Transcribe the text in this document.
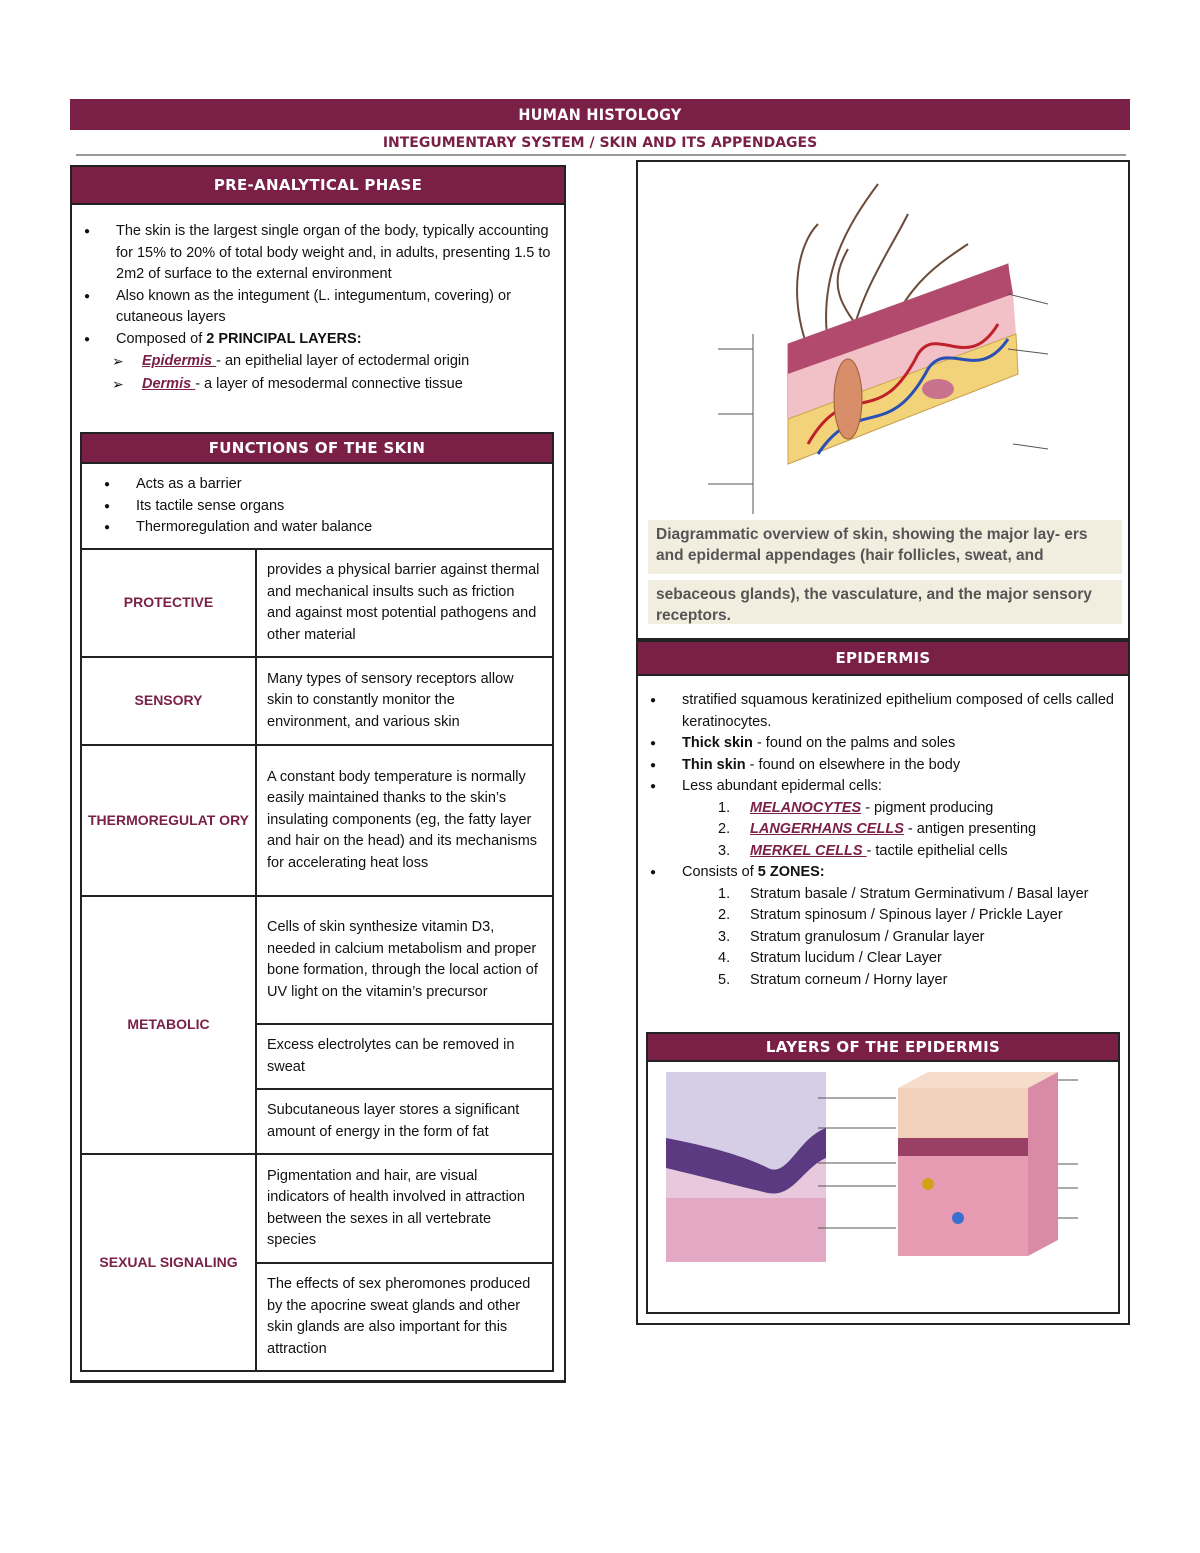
HUMAN HISTOLOGY
INTEGUMENTARY SYSTEM / SKIN AND ITS APPENDAGES
PRE-ANALYTICAL PHASE
● The skin is the largest single organ of the body, typically accounting for 15% to 20% of total body weight and, in adults, presenting 1.5 to 2m2 of surface to the external environment
● Also known as the integument (L. integumentum, covering) or cutaneous layers
● Composed of 2 PRINCIPAL LAYERS:
➢ Epidermis - an epithelial layer of ectodermal origin
➢ Dermis - a layer of mesodermal connective tissue
FUNCTIONS OF THE SKIN
● Acts as a barrier
● Its tactile sense organs
● Thermoregulation and water balance
PROTECTIVE	provides a physical barrier against thermal and mechanical insults such as friction and against most potential pathogens and other material
SENSORY	Many types of sensory receptors allow skin to constantly monitor the environment, and various skin
THERMOREGULAT ORY	A constant body temperature is normally easily maintained thanks to the skin’s insulating components (eg, the fatty layer and hair on the head) and its mechanisms for accelerating heat loss
METABOLIC	Cells of skin synthesize vitamin D3, needed in calcium metabolism and proper bone formation, through the local action of UV light on the vitamin’s precursor
	Excess electrolytes can be removed in sweat
	Subcutaneous layer stores a significant amount of energy in the form of fat
SEXUAL SIGNALING	Pigmentation and hair, are visual indicators of health involved in attraction between the sexes in all vertebrate species
	The effects of sex pheromones produced by the apocrine sweat glands and other skin glands are also important for this attraction
Diagrammatic overview of skin, showing the major lay- ers and epidermal appendages (hair follicles, sweat, and
sebaceous glands), the vasculature, and the major sensory receptors.
EPIDERMIS
● stratified squamous keratinized epithelium composed of cells called keratinocytes.
● Thick skin - found on the palms and soles
● Thin skin - found on elsewhere in the body
● Less abundant epidermal cells:
1. MELANOCYTES - pigment producing
2. LANGERHANS CELLS - antigen presenting
3. MERKEL CELLS - tactile epithelial cells
● Consists of 5 ZONES:
1. Stratum basale / Stratum Germinativum / Basal layer
2. Stratum spinosum / Spinous layer / Prickle Layer
3. Stratum granulosum / Granular layer
4. Stratum lucidum / Clear Layer
5. Stratum corneum / Horny layer
LAYERS OF THE EPIDERMIS
